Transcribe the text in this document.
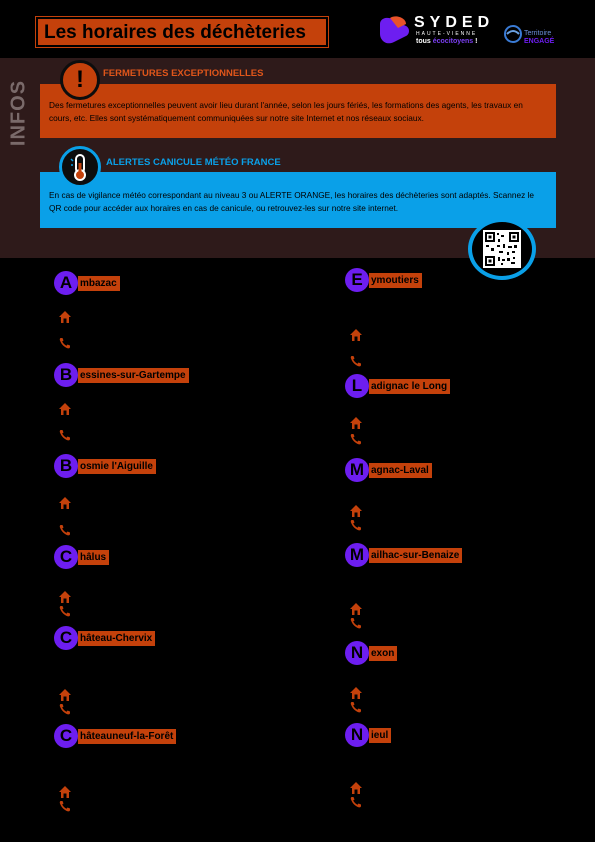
Les horaires des déchèteries	SYDED
HAUTE-VIENNE
tous écocitoyens !
Territoire
ENGAGÉ
INFOS	Des fermetures exceptionnelles peuvent avoir lieu durant l'année, selon les jours fériés, les formations des agents, les travaux en cours, etc. Elles sont systématiquement communiquées sur notre site Internet et nos réseaux sociaux.
! FERMETURES EXCEPTIONNELLES
En cas de vigilance météo correspondant au niveau 3 ou ALERTE ORANGE, les horaires des déchèteries sont adaptés. Scannez le QR code pour accéder aux horaires en cas de canicule, ou retrouvez-les sur notre site internet.
ALERTES CANICULE MÉTÉO FRANCE
A mbazac
B essines-sur-Gartempe
B osmie l'Aiguille
C hâlus
C hâteau-Chervix
C hâteauneuf-la-Forêt
E ymoutiers
L adignac le Long
M agnac-Laval
M ailhac-sur-Benaize
N exon
N ieul
